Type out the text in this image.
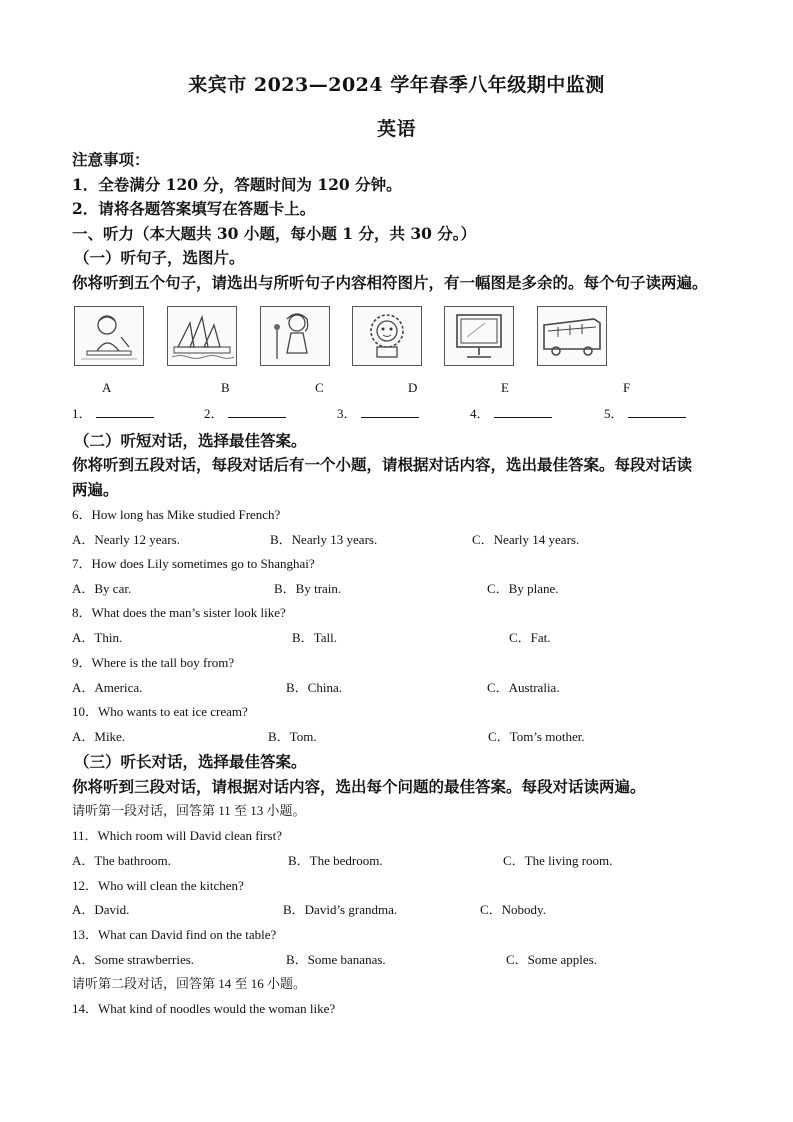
来宾市 2023—2024 学年春季八年级期中监测
英语
注意事项：
1．全卷满分 120 分，答题时间为 120 分钟。
2．请将各题答案填写在答题卡上。
一、听力（本大题共 30 小题，每小题 1 分，共 30 分。）
（一）听句子，选图片。
你将听到五个句子，请选出与所听句子内容相符图片，有一幅图是多余的。每个句子读两遍。
A	B	C	D	E	F
1．	2．	3．	4．	5．
（二）听短对话，选择最佳答案。
你将听到五段对话，每段对话后有一个小题，请根据对话内容，选出最佳答案。每段对话读
两遍。
6．How long has Mike studied French?
A．Nearly 12 years.	B．Nearly 13 years.	C．Nearly 14 years.
7．How does Lily sometimes go to Shanghai?
A．By car.	B．By train.	C．By plane.
8．What does the man’s sister look like?
A．Thin.	B．Tall.	C．Fat.
9．Where is the tall boy from?
A．America.	B．China.	C．Australia.
10．Who wants to eat ice cream?
A．Mike.	B．Tom.	C．Tom’s mother.
（三）听长对话，选择最佳答案。
你将听到三段对话，请根据对话内容，选出每个问题的最佳答案。每段对话读两遍。
请听第一段对话，回答第 11 至 13 小题。
11．Which room will David clean first?
A．The bathroom.	B．The bedroom.	C．The living room.
12．Who will clean the kitchen?
A．David.	B．David’s grandma.	C．Nobody.
13．What can David find on the table?
A．Some strawberries.	B．Some bananas.	C．Some apples.
请听第二段对话，回答第 14 至 16 小题。
14．What kind of noodles would the woman like?
